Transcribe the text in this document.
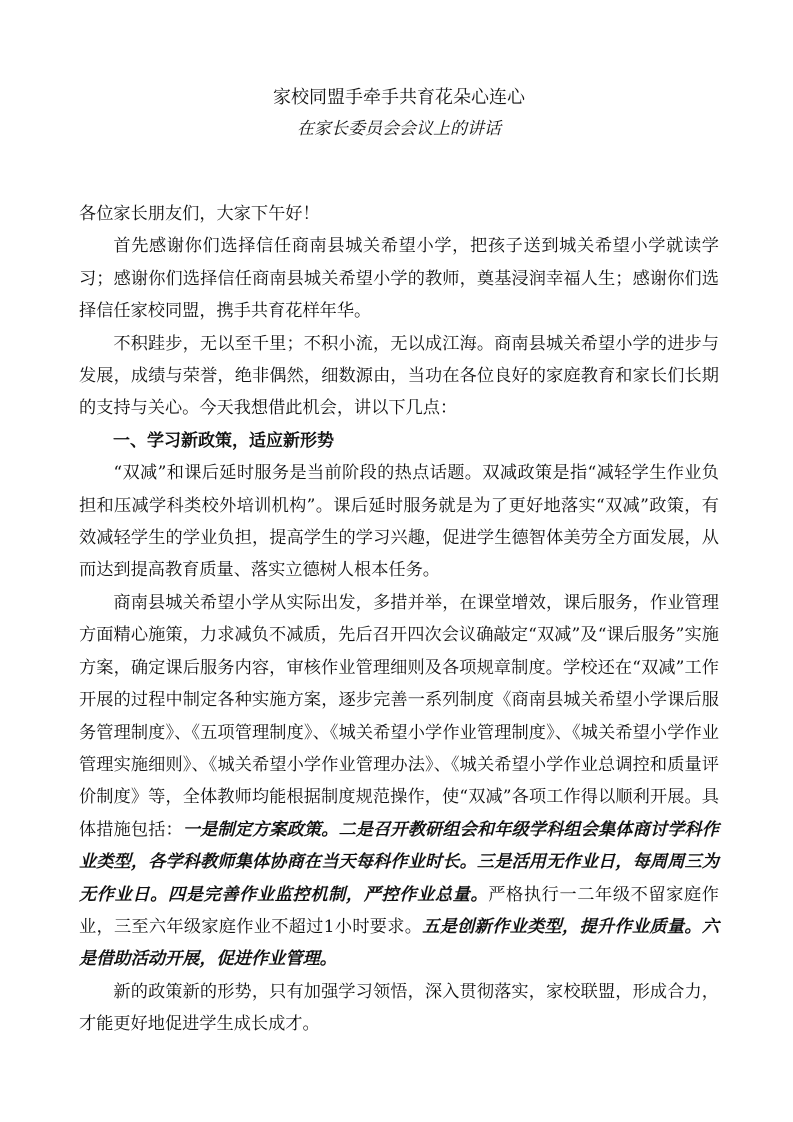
家校同盟手牵手共育花朵心连心
在家长委员会会议上的讲话

各位家长朋友们，大家下午好！

首先感谢你们选择信任商南县城关希望小学，把孩子送到城关希望小学就读学习；感谢你们选择信任商南县城关希望小学的教师，奠基浸润幸福人生；感谢你们选择信任家校同盟，携手共育花样年华。

不积跬步，无以至千里；不积小流，无以成江海。商南县城关希望小学的进步与发展，成绩与荣誉，绝非偶然，细数源由，当功在各位良好的家庭教育和家长们长期的支持与关心。今天我想借此机会，讲以下几点：

一、学习新政策，适应新形势

“双减”和课后延时服务是当前阶段的热点话题。双减政策是指“减轻学生作业负担和压减学科类校外培训机构”。课后延时服务就是为了更好地落实“双减”政策，有效减轻学生的学业负担，提高学生的学习兴趣，促进学生德智体美劳全方面发展，从而达到提高教育质量、落实立德树人根本任务。

商南县城关希望小学从实际出发，多措并举，在课堂增效，课后服务，作业管理方面精心施策，力求减负不减质，先后召开四次会议确敲定“双减”及“课后服务”实施方案，确定课后服务内容，审核作业管理细则及各项规章制度。学校还在“双减”工作开展的过程中制定各种实施方案，逐步完善一系列制度《商南县城关希望小学课后服务管理制度》、《五项管理制度》、《城关希望小学作业管理制度》、《城关希望小学作业管理实施细则》、《城关希望小学作业管理办法》、《城关希望小学作业总调控和质量评价制度》等，全体教师均能根据制度规范操作，使“双减”各项工作得以顺利开展。具体措施包括：一是制定方案政策。二是召开教研组会和年级学科组会集体商讨学科作业类型，各学科教师集体协商在当天每科作业时长。三是活用无作业日，每周周三为无作业日。四是完善作业监控机制，严控作业总量。严格执行一二年级不留家庭作业，三至六年级家庭作业不超过1小时要求。五是创新作业类型，提升作业质量。六是借助活动开展，促进作业管理。

新的政策新的形势，只有加强学习领悟，深入贯彻落实，家校联盟，形成合力，才能更好地促进学生成长成才。
